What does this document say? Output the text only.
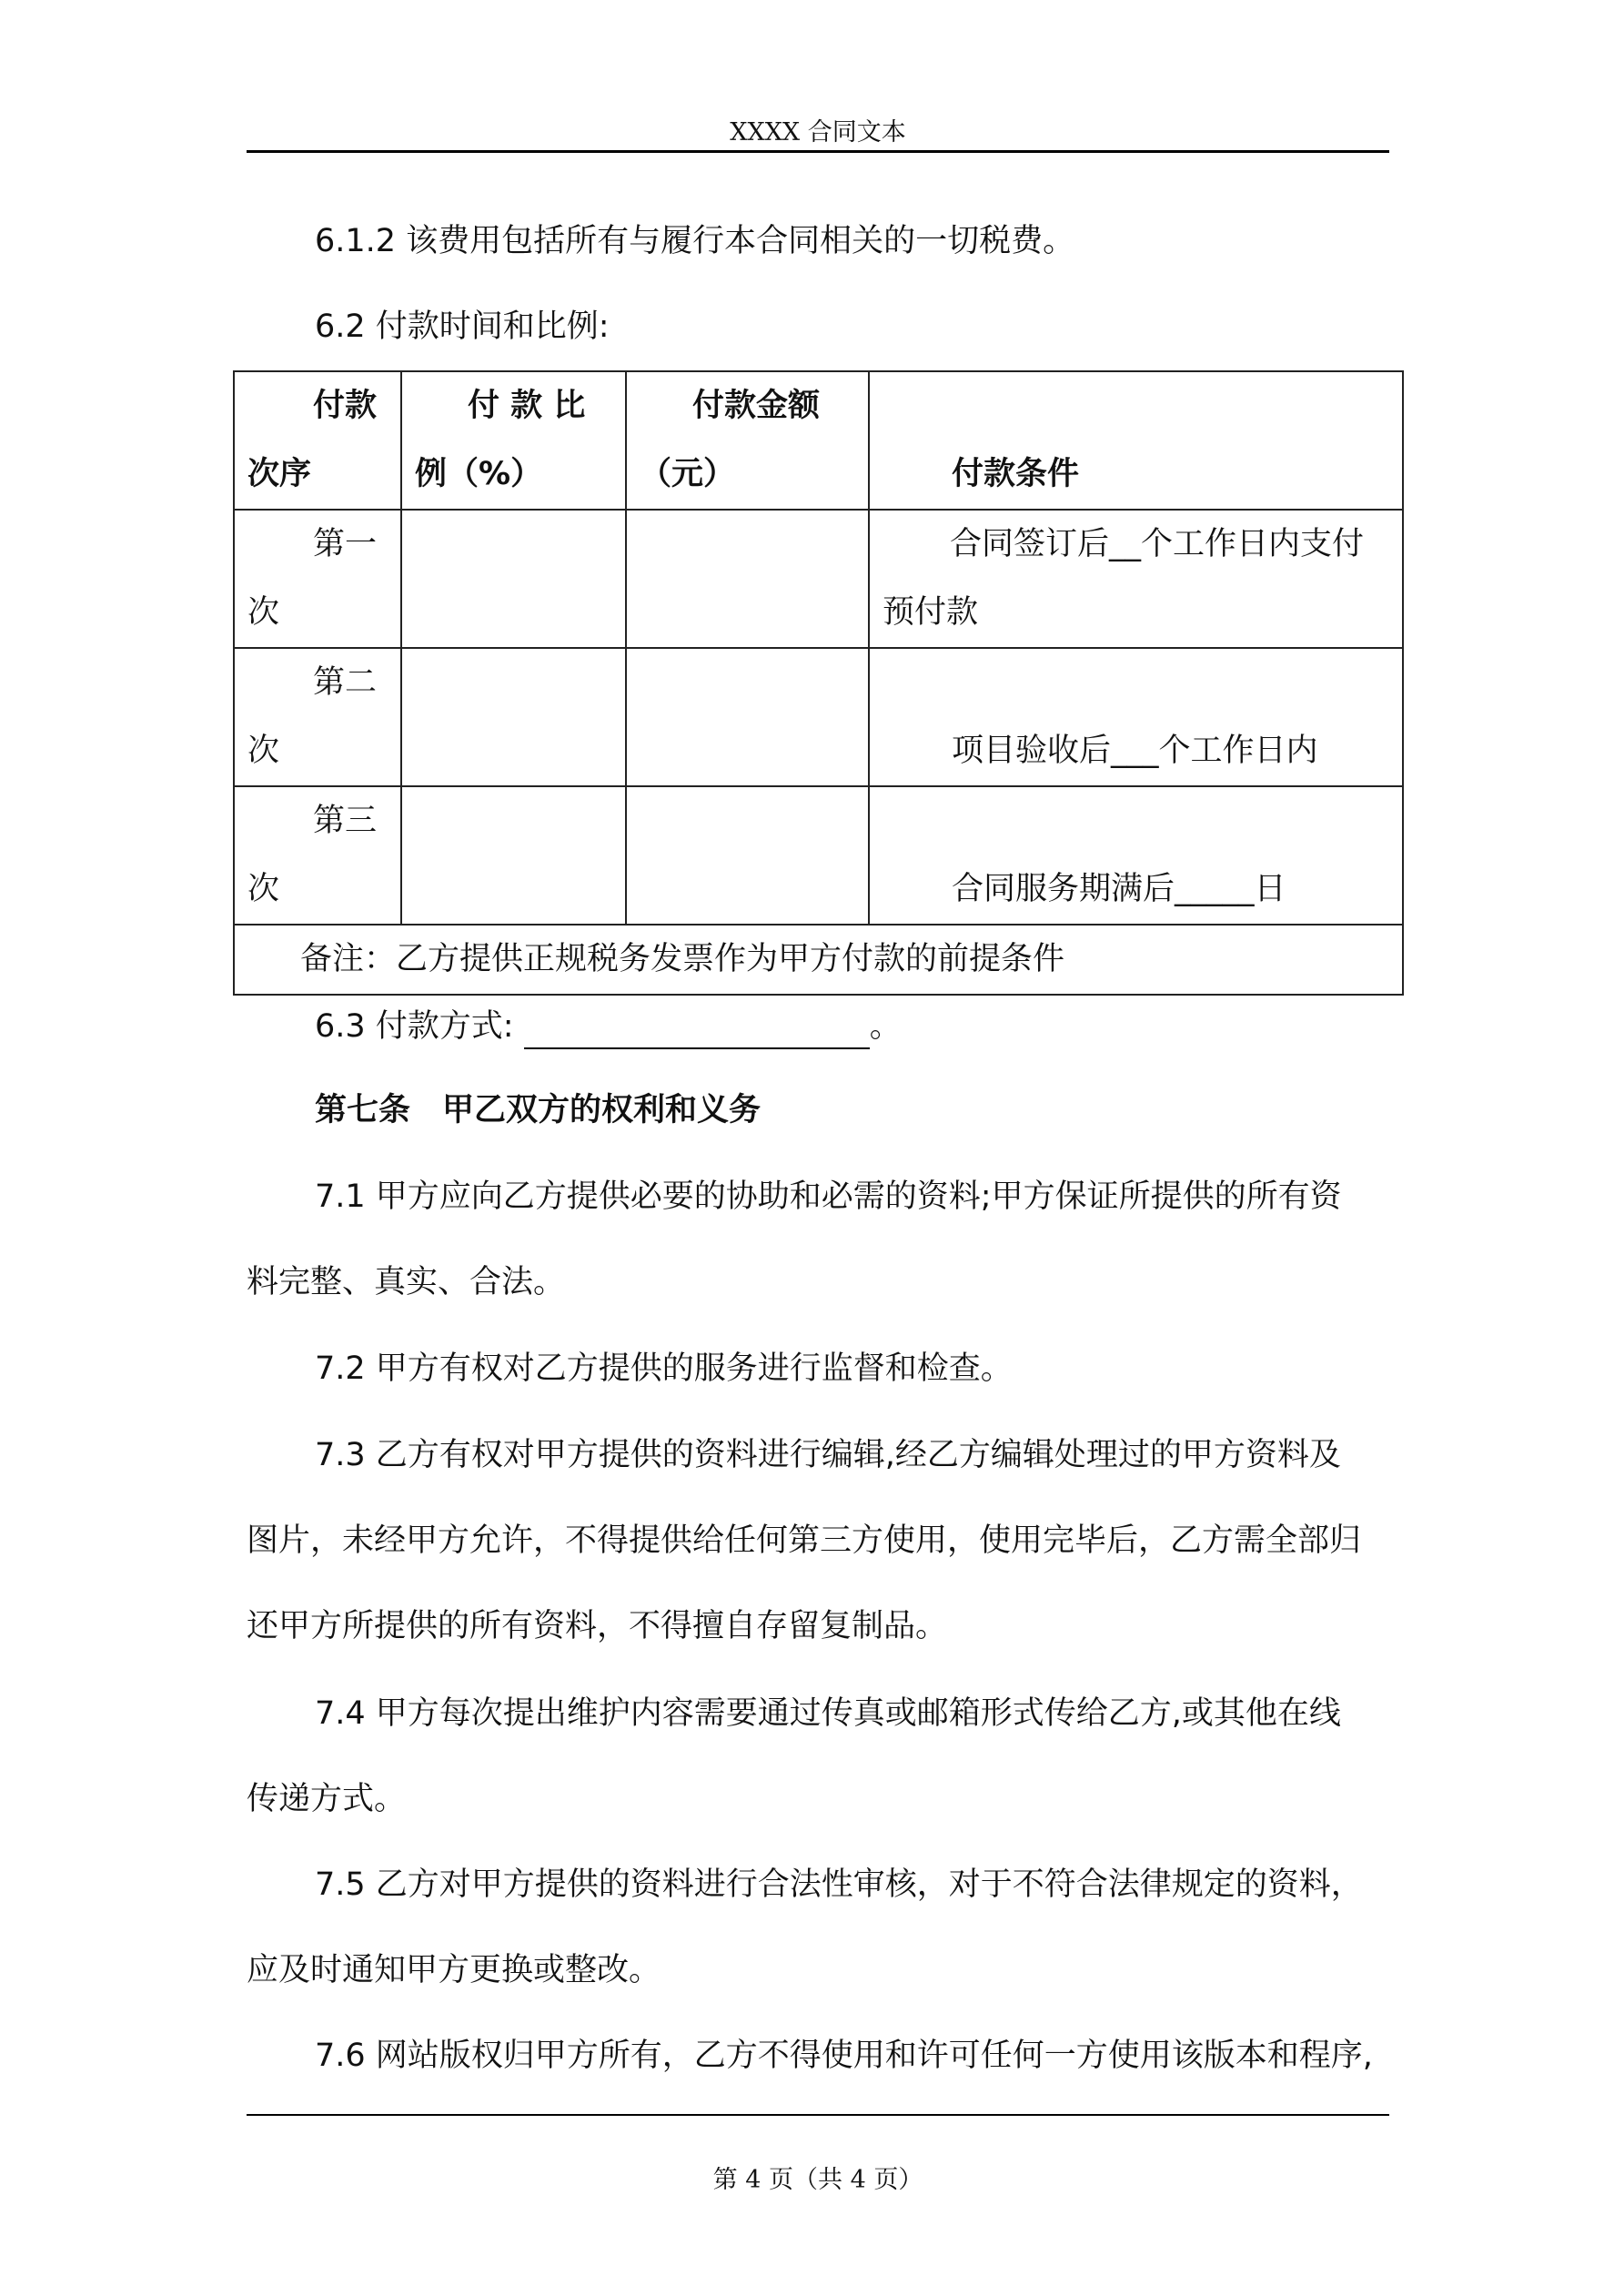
XXXX 合同文本
6.1.2 该费用包括所有与履行本合同相关的一切税费。
6.2 付款时间和比例:
付款次序	付 款 比 例（%）	付款金额（元）	付款条件
第一次			合同签订后__个工作日内支付预付款
第二次			项目验收后___个工作日内
第三次			合同服务期满后_____日
备注：乙方提供正规税务发票作为甲方付款的前提条件			
6.3 付款方式:	。
第七条　甲乙双方的权利和义务
7.1 甲方应向乙方提供必要的协助和必需的资料;甲方保证所提供的所有资
料完整、真实、合法。
7.2 甲方有权对乙方提供的服务进行监督和检查。
7.3 乙方有权对甲方提供的资料进行编辑,经乙方编辑处理过的甲方资料及
图片，未经甲方允许，不得提供给任何第三方使用，使用完毕后，乙方需全部归
还甲方所提供的所有资料，不得擅自存留复制品。
7.4 甲方每次提出维护内容需要通过传真或邮箱形式传给乙方,或其他在线
传递方式。
7.5 乙方对甲方提供的资料进行合法性审核，对于不符合法律规定的资料，
应及时通知甲方更换或整改。
7.6 网站版权归甲方所有，乙方不得使用和许可任何一方使用该版本和程序,
第 4 页（共 4 页）
